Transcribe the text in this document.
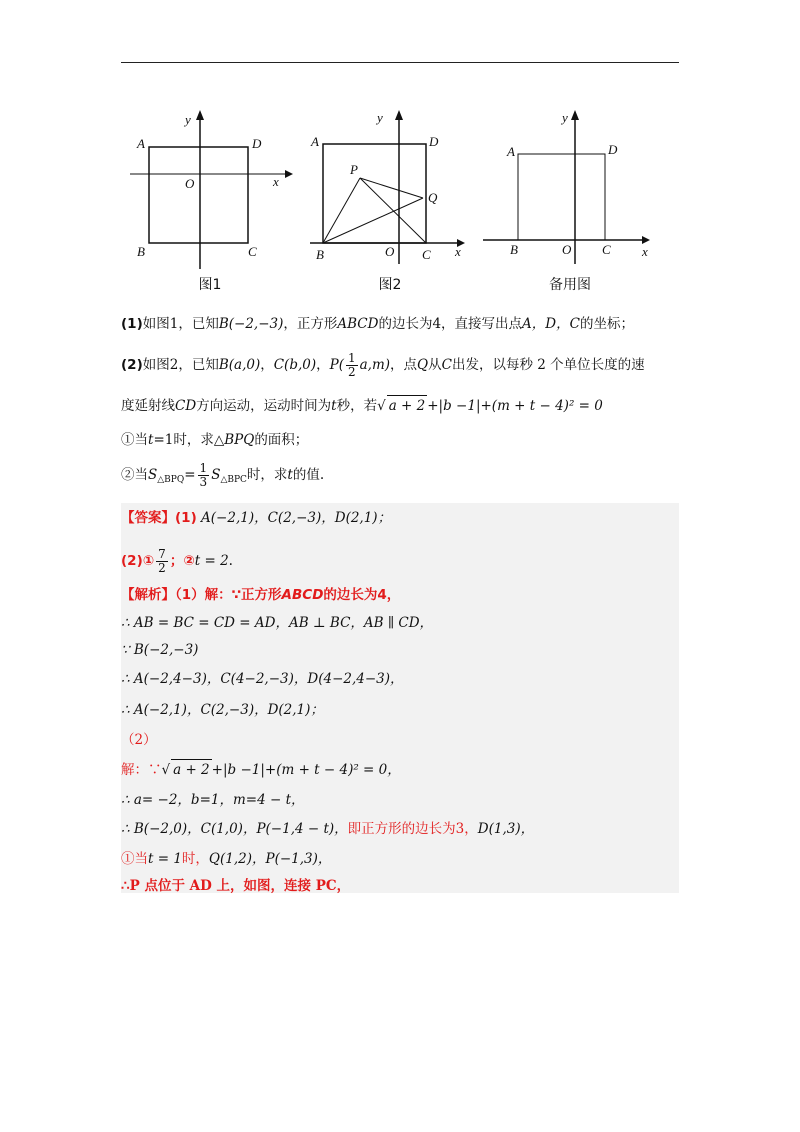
y
x
A	D
O
B	C
图1
y
x
A	D
P
Q
O
B	C
图2
y
x
A	D
O
B	C
备用图
(1)如图1，已知B(−2,−3)，正方形ABCD的边长为4，直接写出点A，D，C的坐标；
(2)如图2，已知B(a,0)，C(b,0)，$P( \frac{1}{2} a,m)$，点Q从C出发，以每秒 2 个单位长度的速
度延射线CD方向运动，运动时间为t秒，若√ a + 2 +|b −1|+(m + t − 4)² = 0
①当t=1时，求△BPQ的面积；
②当$S_{\triangle BPQ}= \frac{1}{3} S_{\triangle BPC}$时，求t的值.
【答案】(1) A(−2,1)，C(2,−3)，D(2,1)；
(2)① $\frac{7}{2}$ ；②t = 2.
【解析】（1）解：∵正方形ABCD的边长为4，
∴ AB = BC = CD = AD，AB ⊥ BC，AB ∥ CD，
∵ B(−2,−3)
∴ A(−2,4−3)，C(4−2,−3)，D(4−2,4−3)，
∴ A(−2,1)，C(2,−3)，D(2,1)；
（2）
解：∵√ a + 2 +|b −1|+(m + t − 4)² = 0，
∴ a= −2，b=1，m=4 − t，
∴ B(−2,0)，C(1,0)，P(−1,4 − t)，即正方形的边长为3，D(1,3)，
①当t = 1时，Q(1,2)，P(−1,3)，
∴P 点位于 AD 上，如图，连接 PC，
